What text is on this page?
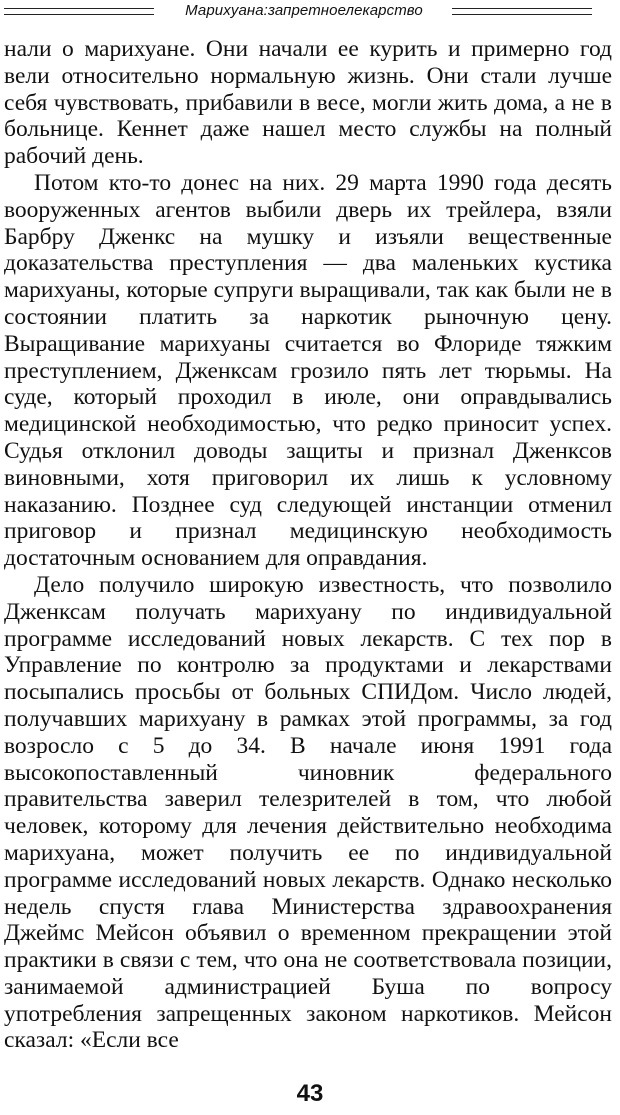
Марихуана:запретноелекарство

нали о марихуане. Они начали ее курить и примерно год вели относительно нормальную жизнь. Они стали лучше себя чувствовать, прибавили в весе, могли жить дома, а не в больнице. Кеннет даже нашел место службы на полный рабочий день.

Потом кто-то донес на них. 29 марта 1990 года десять вооруженных агентов выбили дверь их трейлера, взяли Барбру Дженкс на мушку и изъяли вещественные доказательства преступления — два маленьких кустика марихуаны, которые супруги выращивали, так как были не в состоянии платить за наркотик рыночную цену. Выращивание марихуаны считается во Флориде тяжким преступлением, Дженксам грозило пять лет тюрьмы. На суде, который проходил в июле, они оправдывались медицинской необходимостью, что редко приносит успех. Судья отклонил доводы защиты и признал Дженксов виновными, хотя приговорил их лишь к условному наказанию. Позднее суд следующей инстанции отменил приговор и признал медицинскую необходимость достаточным основанием для оправдания.

Дело получило широкую известность, что позволило Дженксам получать марихуану по индивидуальной программе исследований новых лекарств. С тех пор в Управление по контролю за продуктами и лекарствами посыпались просьбы от больных СПИДом. Число людей, получавших марихуану в рамках этой программы, за год возросло с 5 до 34. В начале июня 1991 года высокопоставленный чиновник федерального правительства заверил телезрителей в том, что любой человек, которому для лечения действительно необходима марихуана, может получить ее по индивидуальной программе исследований новых лекарств. Однако несколько недель спустя глава Министерства здравоохранения Джеймс Мейсон объявил о временном прекращении этой практики в связи с тем, что она не соответствовала позиции, занимаемой администрацией Буша по вопросу употребления запрещенных законом наркотиков. Мейсон сказал: «Если все

43
